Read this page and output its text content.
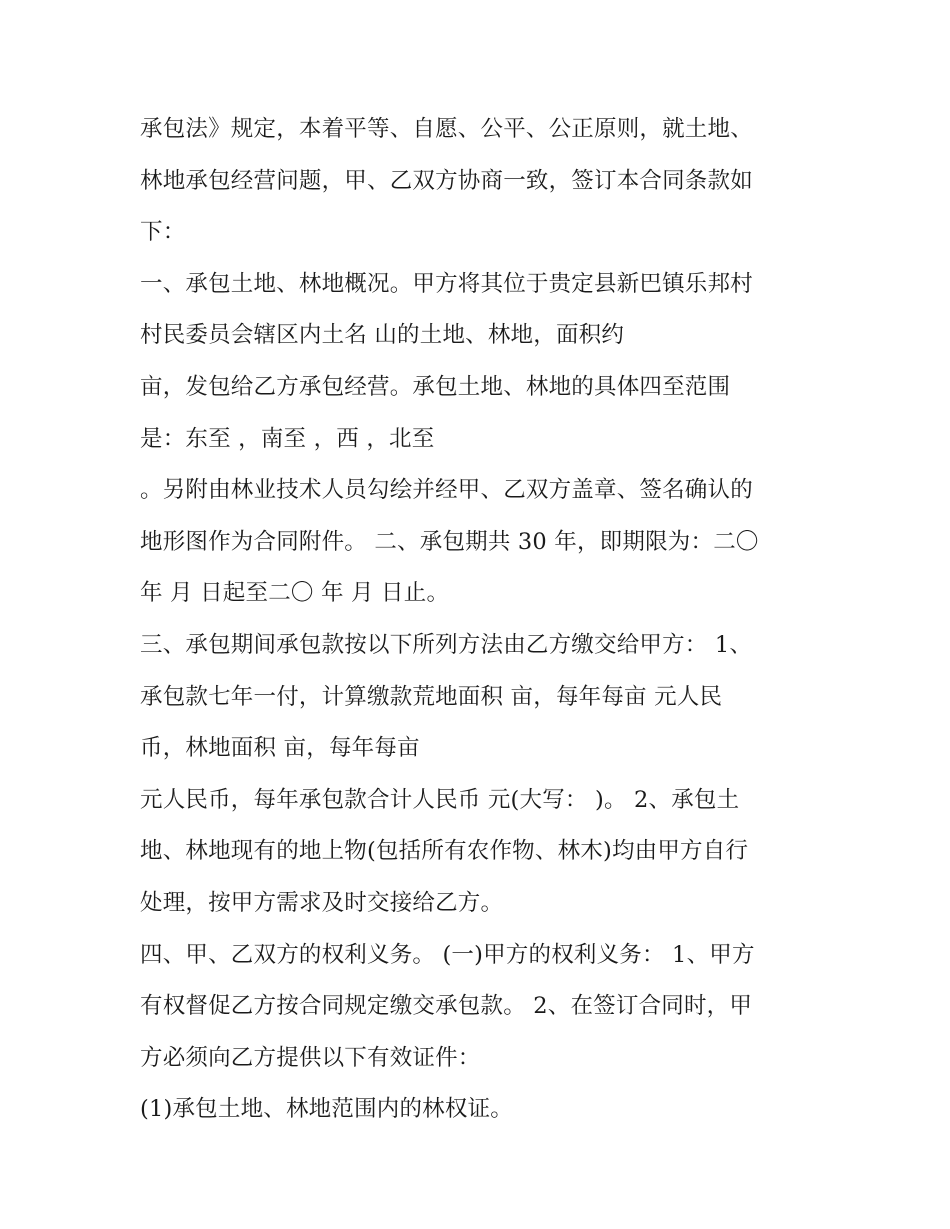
承包法》规定，本着平等、自愿、公平、公正原则，就土地、
林地承包经营问题，甲、乙双方协商一致，签订本合同条款如
下：
一、承包土地、林地概况。甲方将其位于贵定县新巴镇乐邦村
村民委员会辖区内土名 山的土地、林地，面积约
亩，发包给乙方承包经营。承包土地、林地的具体四至范围
是：东至 ，南至 ，西 ，北至
。另附由林业技术人员勾绘并经甲、乙双方盖章、签名确认的
地形图作为合同附件。 二、承包期共 30 年，即期限为：二〇
年 月 日起至二〇 年 月 日止。
三、承包期间承包款按以下所列方法由乙方缴交给甲方： 1、
承包款七年一付，计算缴款荒地面积 亩，每年每亩 元人民
币，林地面积 亩，每年每亩
元人民币，每年承包款合计人民币 元(大写： )。 2、承包土
地、林地现有的地上物(包括所有农作物、林木)均由甲方自行
处理，按甲方需求及时交接给乙方。
四、甲、乙双方的权利义务。 (一)甲方的权利义务： 1、甲方
有权督促乙方按合同规定缴交承包款。 2、在签订合同时，甲
方必须向乙方提供以下有效证件：
(1)承包土地、林地范围内的林权证。
